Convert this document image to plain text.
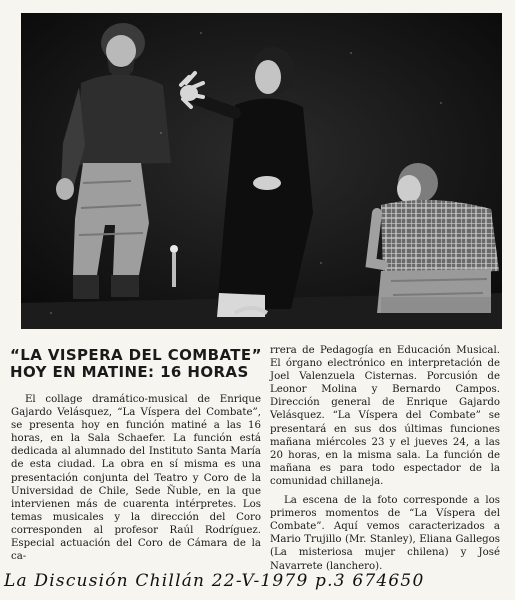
“LA VISPERA DEL COMBATE”
HOY EN MATINE: 16 HORAS

El collage dramático-musical de Enrique Gajardo Velásquez, “La Víspera del Combate”, se presenta hoy en función matiné a las 16 horas, en la Sala Schaefer. La función está dedicada al alumnado del Instituto Santa María de esta ciudad. La obra en sí misma es una presentación conjunta del Teatro y Coro de la Universidad de Chile, Sede Ñuble, en la que intervienen más de cuarenta intérpretes. Los temas musicales y la dirección del Coro corresponden al profesor Raúl Rodríguez. Especial actuación del Coro de Cámara de la ca-

rrera de Pedagogía en Educación Musical. El órgano electrónico en interpretación de Joel Valenzuela Cisternas. Porcusión de Leonor Molina y Bernardo Campos. Dirección general de Enrique Gajardo Velásquez. “La Víspera del Combate” se presentará en sus dos últimas funciones mañana miércoles 23 y el jueves 24, a las 20 horas, en la misma sala. La función de mañana es para todo espectador de la comunidad chillaneja.

La escena de la foto corresponde a los primeros momentos de “La Víspera del Combate”. Aquí vemos caracterizados a Mario Trujillo (Mr. Stanley), Eliana Gallegos (La misteriosa mujer chilena) y José Navarrete (lanchero).

La Discusión Chillán 22-V-1979 p.3 674650
